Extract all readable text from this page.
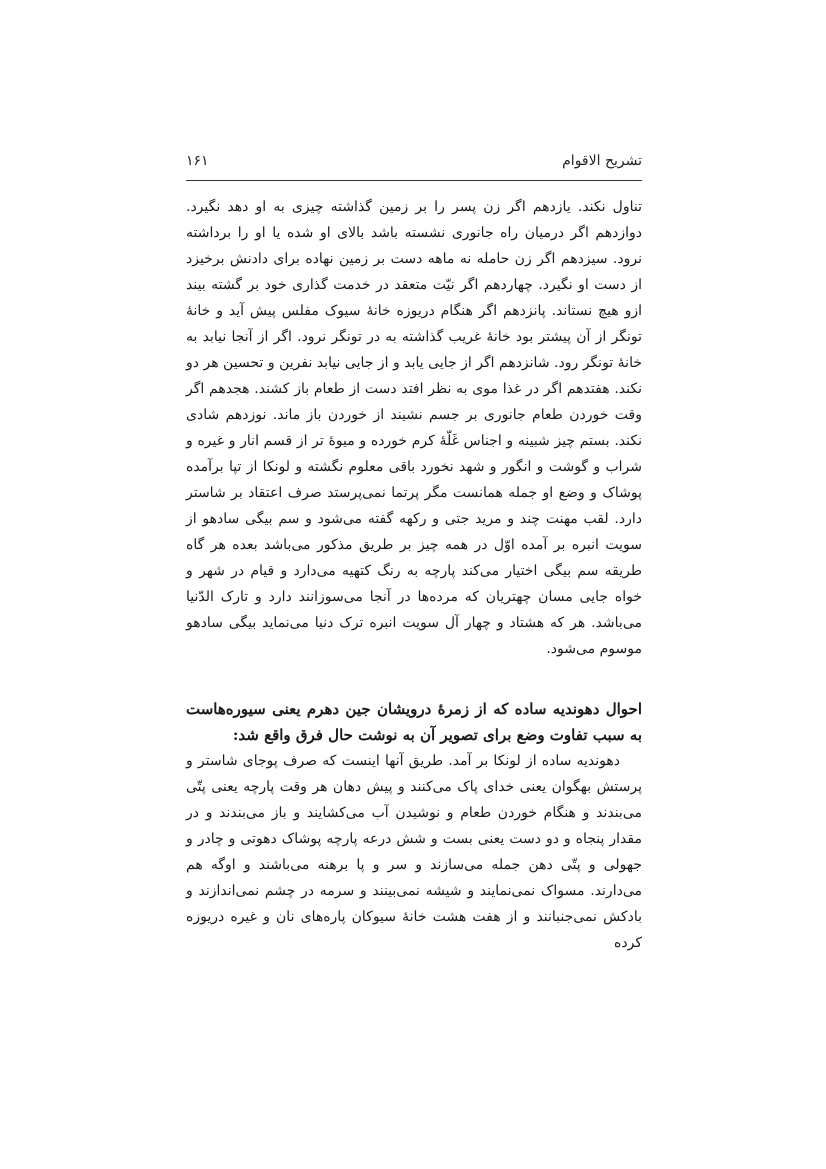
تشریح الاقوام
۱۶۱

تناول نکند. یازدهم اگر زن پسر را بر زمین گذاشته چیزی به او دهد نگیرد. دوازدهم اگر درمیان راه جانوری نشسته باشد بالای او شده یا او را برداشته نرود. سیزدهم اگر زن حامله نه ماهه دست بر زمین نهاده برای دادنش برخیزد از دست او نگیرد. چهاردهم اگر نیّت متعقد در خدمت گذاری خود بر گشته بیند ازو هیچ نستاند. پانزدهم اگر هنگام دریوزه خانهٔ سیوک مفلس پیش آید و خانهٔ تونگر از آن پیشتر بود خانهٔ غریب گذاشته به در تونگر نرود. اگر از آنجا نیابد به خانهٔ تونگر رود. شانزدهم اگر از جایی یابد و از جایی نیابد نفرین و تحسین هر دو نکند. هفتدهم اگر در غذا موی به نظر افتد دست از طعام باز کشند. هجدهم اگر وقت خوردن طعام جانوری بر جسم نشیند از خوردن باز ماند. نوزدهم شادی نکند. بستم چیز شبینه و اجناس غَلّهٔ کرم خورده و میوهٔ تر از قسم انار و غیره و شراب و گوشت و انگور و شهد نخورد باقی معلوم نگشته و لونکا از تپا برآمده پوشاک و وضع او جمله همانست مگر پرتما نمی‌پرستد صرف اعتقاد بر شاستر دارد. لقب مهنت چند و مرید جتی و رکهه گفته می‌شود و سم بیگی سادهو از سویت انبره بر آمده اوّل در همه چیز بر طریق مذکور می‌باشد بعده هر گاه طریقه سم بیگی اختیار می‌کند پارچه به رنگ کتهیه می‌دارد و قیام در شهر و خواه جایی مسان چهتریان که مرده‌ها در آنجا می‌سوزانند دارد و تارک الدّنیا می‌باشد. هر که هشتاد و چهار آل سویت انبره ترک دنیا می‌نماید بیگی سادهو موسوم می‌شود.

احوال دهوندیه ساده که از زمرهٔ درویشان جین دهرم یعنی سیوره‌هاست به سبب تفاوت وضع برای تصویر آن به نوشت حال فرق واقع شد:

دهوندیه ساده از لونکا بر آمد. طریق آنها اینست که صرف پوجای شاستر و پرستش بهگوان یعنی خدای پاک می‌کنند و پیش دهان هر وقت پارچه یعنی پتّی می‌بندند و هنگام خوردن طعام و نوشیدن آب می‌کشایند و باز می‌بندند و در مقدار پنجاه و دو دست یعنی بست و شش درعه پارچه پوشاک دهوتی و چادر و جهولی و پتّی دهن جمله می‌سازند و سر و پا برهنه می‌باشند و اوگه هم می‌دارند. مسواک نمی‌نمایند و شیشه نمی‌بینند و سرمه در چشم نمی‌اندازند و بادکش نمی‌جنبانند و از هفت هشت خانهٔ سیوکان پاره‌های نان و غیره دریوزه کرده
